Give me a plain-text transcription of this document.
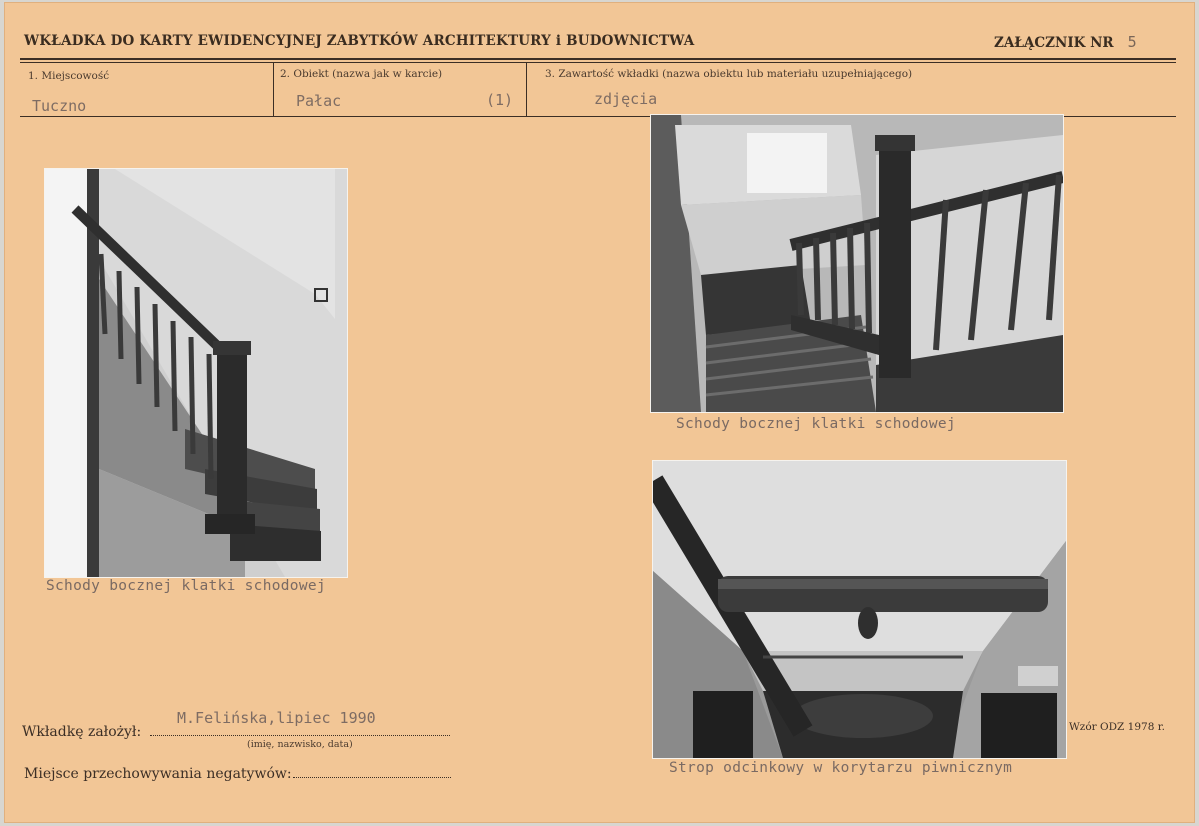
WKŁADKA DO KARTY EWIDENCYJNEJ ZABYTKÓW ARCHITEKTURY i BUDOWNICTWA	ZAŁĄCZNIK NR 5
1. Miejscowość	2. Obiekt (nazwa jak w karcie)	3. Zawartość wkładki (nazwa obiektu lub materiału uzupełniającego)
Tuczno	Pałac	(1)	zdjęcia
Schody bocznej klatki schodowej
Schody bocznej klatki schodowej
Strop odcinkowy w korytarzu piwnicznym
M.Felińska,lipiec 1990
Wkładkę założył:
(imię, nazwisko, data)
Miejsce przechowywania negatywów:
Wzór ODZ 1978 r.
